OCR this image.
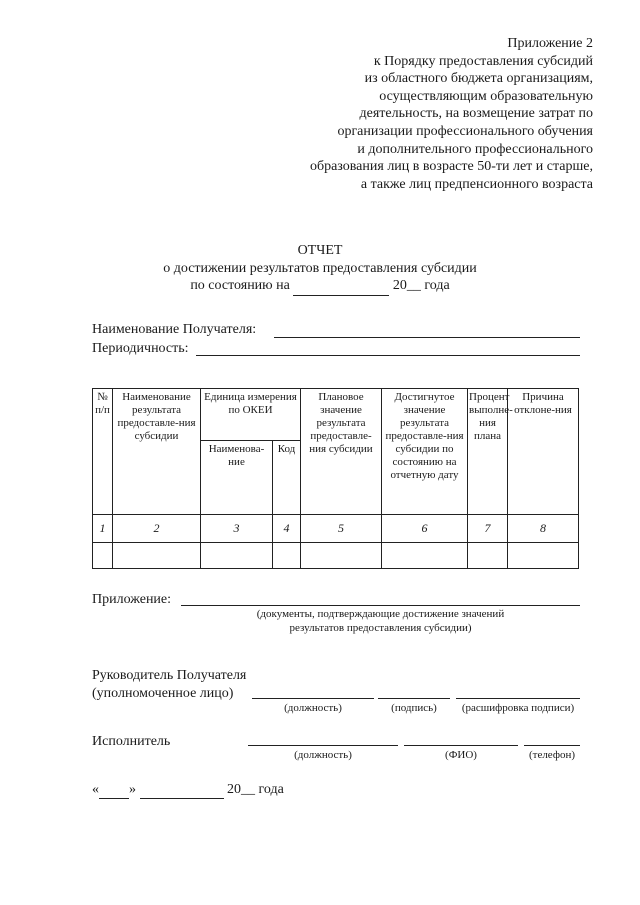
Приложение 2
к Порядку предоставления субсидий
из областного бюджета организациям,
осуществляющим образовательную
деятельность, на возмещение затрат по
организации профессионального обучения
и дополнительного профессионального
образования лиц в возрасте 50-ти лет и старше,
а также лиц предпенсионного возраста
ОТЧЕТ
о достижении результатов предоставления субсидии
по состоянию на	20__ года
Наименование Получателя:
Периодичность:
№ п/п	Наименование результата предоставле-ния субсидии	Единица измерения по ОКЕИ		Плановое значение результата предоставле-ния субсидии	Достигнутое значение результата предоставле-ния субсидии по состоянию на отчетную дату	Процент выполне-ния плана	Причина отклоне-ния
		Наименова-ние	Код				
1	2	3	4	5	6	7	8

Приложение:
(документы, подтверждающие достижение значений
результатов предоставления субсидии)
Руководитель Получателя
(уполномоченное лицо)
(должность)	(подпись)	(расшифровка подписи)
Исполнитель
(должность)	(ФИО)	(телефон)
« »	20__ года
